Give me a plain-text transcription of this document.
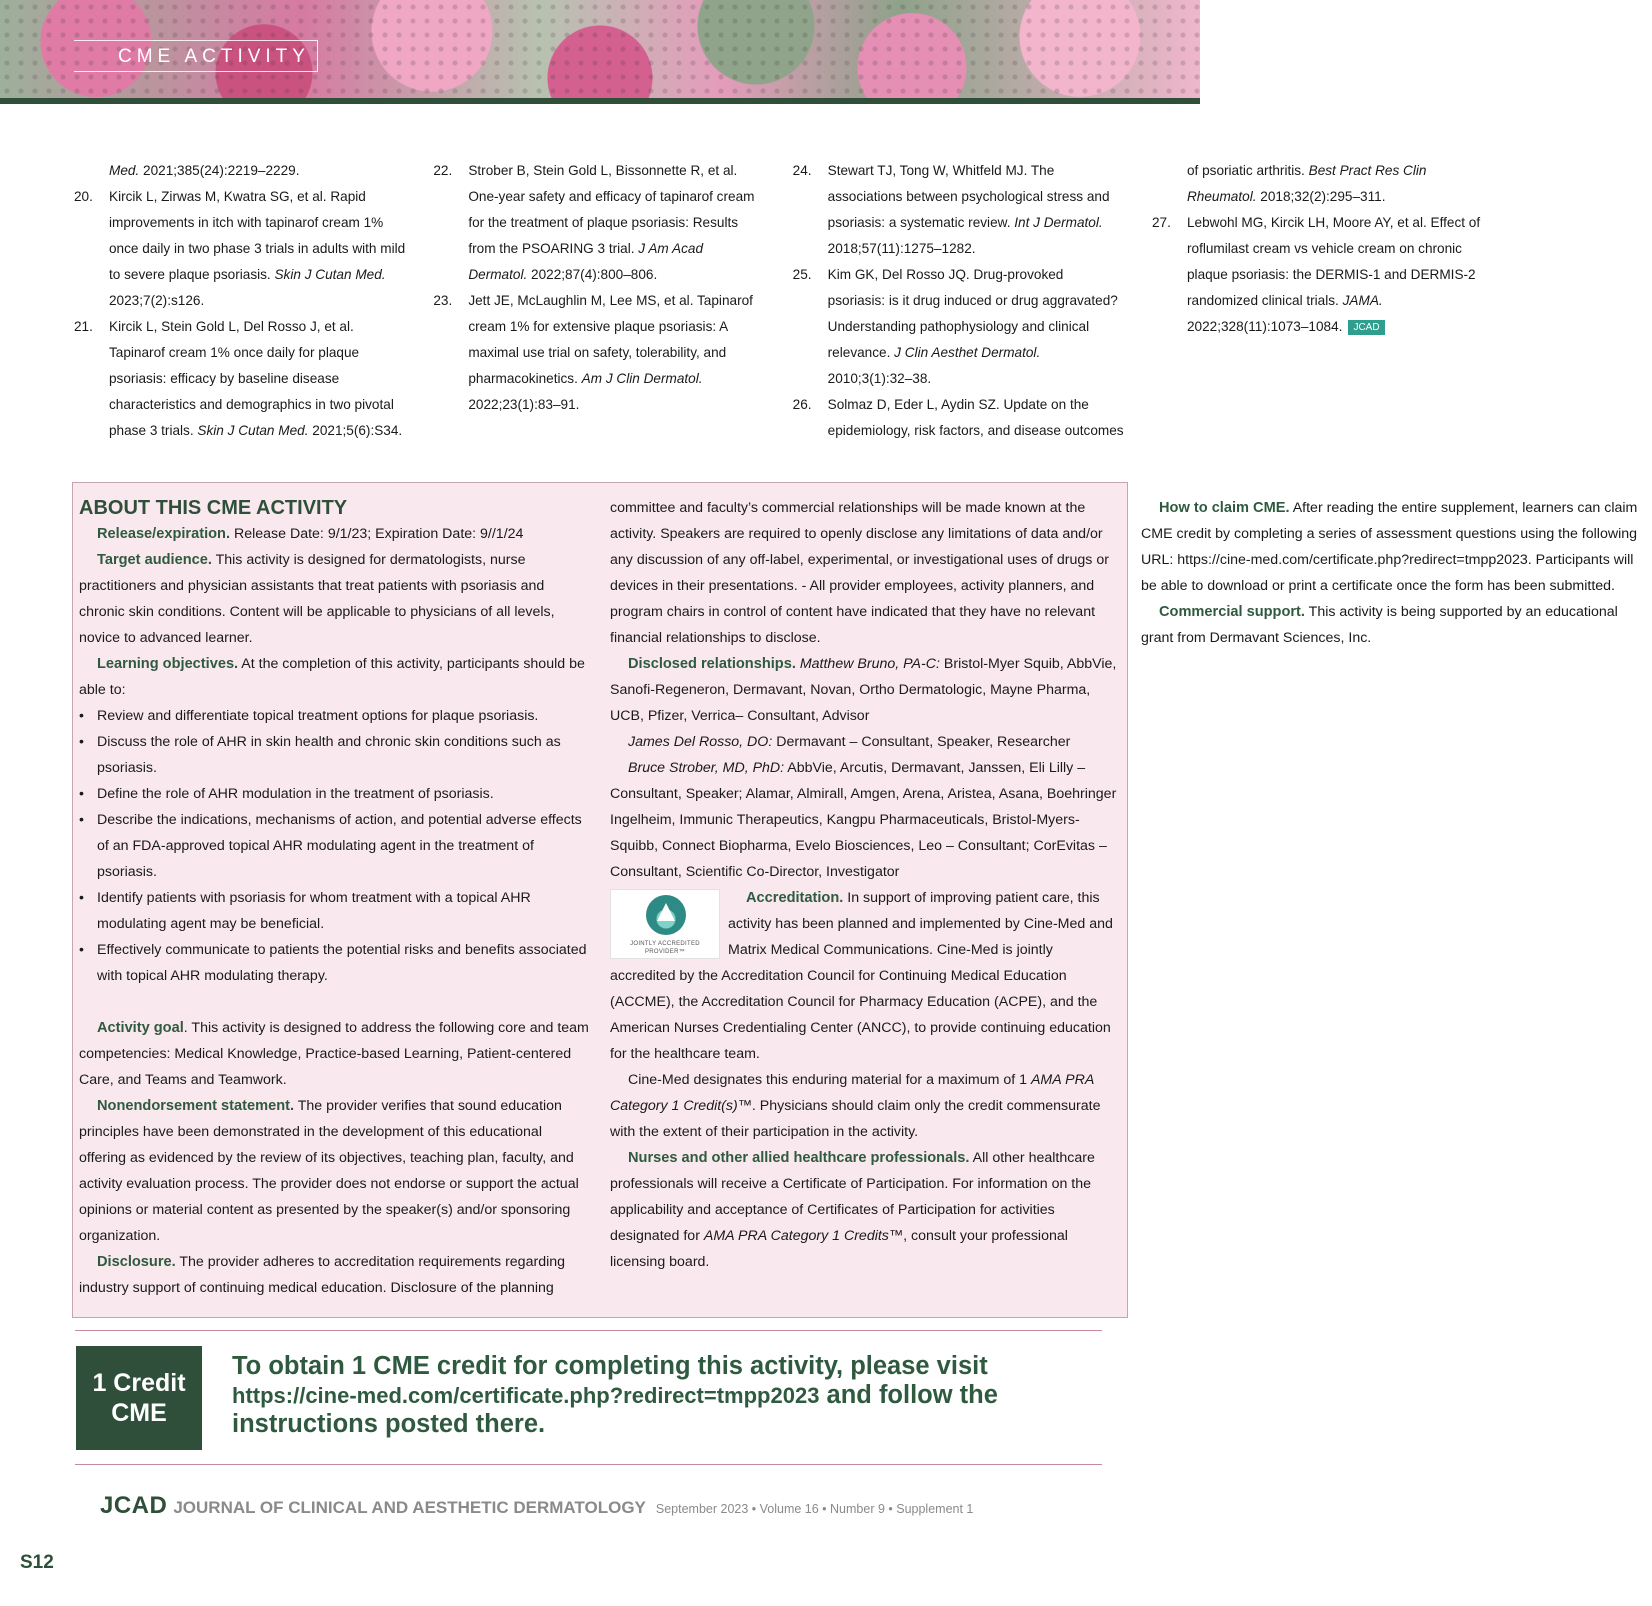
CME ACTIVITY
Med. 2021;385(24):2219–2229.
20. Kircik L, Zirwas M, Kwatra SG, et al. Rapid improvements in itch with tapinarof cream 1% once daily in two phase 3 trials in adults with mild to severe plaque psoriasis. Skin J Cutan Med. 2023;7(2):s126.
21. Kircik L, Stein Gold L, Del Rosso J, et al. Tapinarof cream 1% once daily for plaque psoriasis: efficacy by baseline disease characteristics and demographics in two pivotal phase 3 trials. Skin J Cutan Med. 2021;5(6):S34.
22. Strober B, Stein Gold L, Bissonnette R, et al. One-year safety and efficacy of tapinarof cream for the treatment of plaque psoriasis: Results from the PSOARING 3 trial. J Am Acad Dermatol. 2022;87(4):800–806.
23. Jett JE, McLaughlin M, Lee MS, et al. Tapinarof cream 1% for extensive plaque psoriasis: A maximal use trial on safety, tolerability, and pharmacokinetics. Am J Clin Dermatol. 2022;23(1):83–91.
24. Stewart TJ, Tong W, Whitfeld MJ. The associations between psychological stress and psoriasis: a systematic review. Int J Dermatol. 2018;57(11):1275–1282.
25. Kim GK, Del Rosso JQ. Drug-provoked psoriasis: is it drug induced or drug aggravated? Understanding pathophysiology and clinical relevance. J Clin Aesthet Dermatol. 2010;3(1):32–38.
26. Solmaz D, Eder L, Aydin SZ. Update on the epidemiology, risk factors, and disease outcomes of psoriatic arthritis. Best Pract Res Clin Rheumatol. 2018;32(2):295–311.
27. Lebwohl MG, Kircik LH, Moore AY, et al. Effect of roflumilast cream vs vehicle cream on chronic plaque psoriasis: the DERMIS-1 and DERMIS-2 randomized clinical trials. JAMA. 2022;328(11):1073–1084. JCAD
ABOUT THIS CME ACTIVITY

Release/expiration. Release Date: 9/1/23; Expiration Date: 9//1/24

Target audience. This activity is designed for dermatologists, nurse practitioners and physician assistants that treat patients with psoriasis and chronic skin conditions. Content will be applicable to physicians of all levels, novice to advanced learner.

Learning objectives. At the completion of this activity, participants should be able to:

• Review and differentiate topical treatment options for plaque psoriasis.
• Discuss the role of AHR in skin health and chronic skin conditions such as psoriasis.
• Define the role of AHR modulation in the treatment of psoriasis.
• Describe the indications, mechanisms of action, and potential adverse effects of an FDA-approved topical AHR modulating agent in the treatment of psoriasis.
• Identify patients with psoriasis for whom treatment with a topical AHR modulating agent may be beneficial.
• Effectively communicate to patients the potential risks and benefits associated with topical AHR modulating therapy.

Activity goal. This activity is designed to address the following core and team competencies: Medical Knowledge, Practice-based Learning, Patient-centered Care, and Teams and Teamwork.

Nonendorsement statement. The provider verifies that sound education principles have been demonstrated in the development of this educational offering as evidenced by the review of its objectives, teaching plan, faculty, and activity evaluation process. The provider does not endorse or support the actual opinions or material content as presented by the speaker(s) and/or sponsoring organization.

Disclosure. The provider adheres to accreditation requirements regarding industry support of continuing medical education. Disclosure of the planning committee and faculty’s commercial relationships will be made known at the activity. Speakers are required to openly disclose any limitations of data and/or any discussion of any off-label, experimental, or investigational uses of drugs or devices in their presentations. - All provider employees, activity planners, and program chairs in control of content have indicated that they have no relevant financial relationships to disclose.

Disclosed relationships. Matthew Bruno, PA-C: Bristol-Myer Squib, AbbVie, Sanofi-Regeneron, Dermavant, Novan, Ortho Dermatologic, Mayne Pharma, UCB, Pfizer, Verrica– Consultant, Advisor

James Del Rosso, DO: Dermavant – Consultant, Speaker, Researcher

Bruce Strober, MD, PhD: AbbVie, Arcutis, Dermavant, Janssen, Eli Lilly – Consultant, Speaker; Alamar, Almirall, Amgen, Arena, Aristea, Asana, Boehringer Ingelheim, Immunic Therapeutics, Kangpu Pharmaceuticals, Bristol-Myers-Squibb, Connect Biopharma, Evelo Biosciences, Leo – Consultant; CorEvitas – Consultant, Scientific Co-Director, Investigator

JOINTLY ACCREDITED PROVIDER™

Accreditation. In support of improving patient care, this activity has been planned and implemented by Cine-Med and Matrix Medical Communications. Cine-Med is jointly accredited by the Accreditation Council for Continuing Medical Education (ACCME), the Accreditation Council for Pharmacy Education (ACPE), and the American Nurses Credentialing Center (ANCC), to provide continuing education for the healthcare team.

Cine-Med designates this enduring material for a maximum of 1 AMA PRA Category 1 Credit(s)™. Physicians should claim only the credit commensurate with the extent of their participation in the activity.

Nurses and other allied healthcare professionals. All other healthcare professionals will receive a Certificate of Participation. For information on the applicability and acceptance of Certificates of Participation for activities designated for AMA PRA Category 1 Credits™, consult your professional licensing board.

How to claim CME. After reading the entire supplement, learners can claim CME credit by completing a series of assessment questions using the following URL: https://cine-med.com/certificate.php?redirect=tmpp2023. Participants will be able to download or print a certificate once the form has been submitted.

Commercial support. This activity is being supported by an educational grant from Dermavant Sciences, Inc.

1 Credit
CME
To obtain 1 CME credit for completing this activity, please visit
https://cine-med.com/certificate.php?redirect=tmpp2023 and follow the instructions posted there.
JCAD JOURNAL OF CLINICAL AND AESTHETIC DERMATOLOGY September 2023 • Volume 16 • Number 9 • Supplement 1
S12
